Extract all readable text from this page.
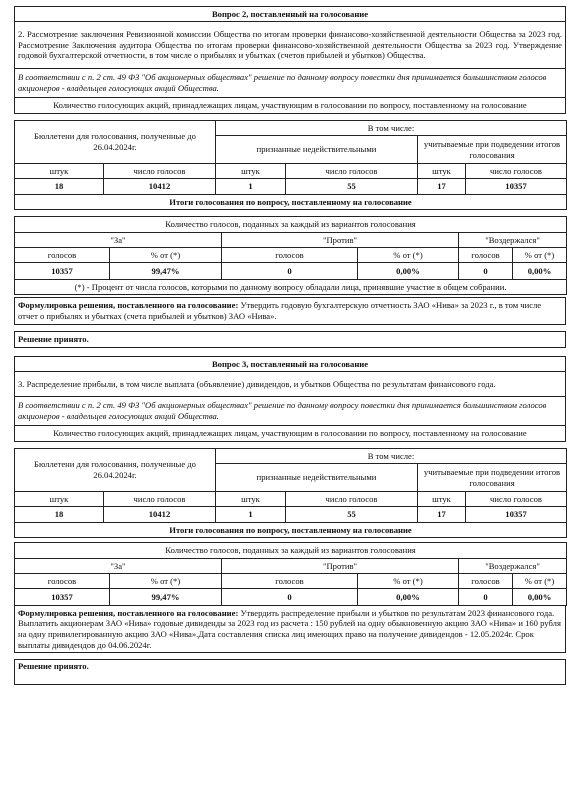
Вопрос 2, поставленный на голосование
2. Рассмотрение заключения Ревизионной комиссии Общества по итогам проверки финансово-хозяйственной деятельности Общества за 2023 год. Рассмотрение Заключения аудитора Общества по итогам проверки финансово-хозяйственной деятельности Общества за 2023 год. Утверждение годовой бухгалтерской отчетности, в том числе о прибылях и убытках (счетов прибылей и убытков) Общества.
В соответствии с п. 2 ст. 49 ФЗ "Об акционерных обществах" решение по данному вопросу повестки дня принимается большинством голосов акционеров - владельцев голосующих акций Общества.
Количество голосующих акций, принадлежащих лицам, участвующим в голосовании по вопросу, поставленному на голосование
Бюллетени для голосования, полученные до 26.04.2024г.		В том числе:			
		признанные недействительными		учитываемые при подведении итогов голосования	
штук	число голосов	штук	число голосов	штук	число голосов
18	10412	1	55	17	10357
Итоги голосования по вопросу, поставленному на голосование					
Количество голосов, поданных за каждый из вариантов голосования					
"За"		"Против"		"Воздержался"	
голосов	% от (*)	голосов	% от (*)	голосов	% от (*)
10357	99,47%	0	0,00%	0	0,00%
(*) - Процент от числа голосов, которыми по данному вопросу обладали лица, принявшие участие в общем собрании.					
Формулировка решения, поставленного на голосование: Утвердить годовую бухгалтерскую отчетность ЗАО «Нива» за 2023 г., в том числе отчет о прибылях и убытках (счета прибылей и убытков) ЗАО «Нива».
Решение принято.
Вопрос 3, поставленный на голосование
3. Распределение прибыли, в том числе выплата (объявление) дивидендов, и убытков Общества по результатам финансового года.
В соответствии с п. 2 ст. 49 ФЗ "Об акционерных обществах" решение по данному вопросу повестки дня принимается большинством голосов акционеров - владельцев голосующих акций Общества.
Количество голосующих акций, принадлежащих лицам, участвующим в голосовании по вопросу, поставленному на голосование
Бюллетени для голосования, полученные до 26.04.2024г.		В том числе:			
		признанные недействительными		учитываемые при подведении итогов голосования	
штук	число голосов	штук	число голосов	штук	число голосов
18	10412	1	55	17	10357
Итоги голосования по вопросу, поставленному на голосование					
Количество голосов, поданных за каждый из вариантов голосования					
"За"		"Против"		"Воздержался"	
голосов	% от (*)	голосов	% от (*)	голосов	% от (*)
10357	99,47%	0	0,00%	0	0,00%
Формулировка решения, поставленного на голосование: Утвердить распределение прибыли и убытков по результатам 2023 финансового года. Выплатить акционерам ЗАО «Нива» годовые дивиденды за 2023 год из расчета : 150 рублей на одну обыкновенную акцию ЗАО «Нива» и 160 рубля на одну привилегированную акцию ЗАО «Нива».Дата составления списка лиц имеющих право на получение дивидендов - 12.05.2024г. Срок выплаты дивидендов до 04.06.2024г.
Решение принято.
